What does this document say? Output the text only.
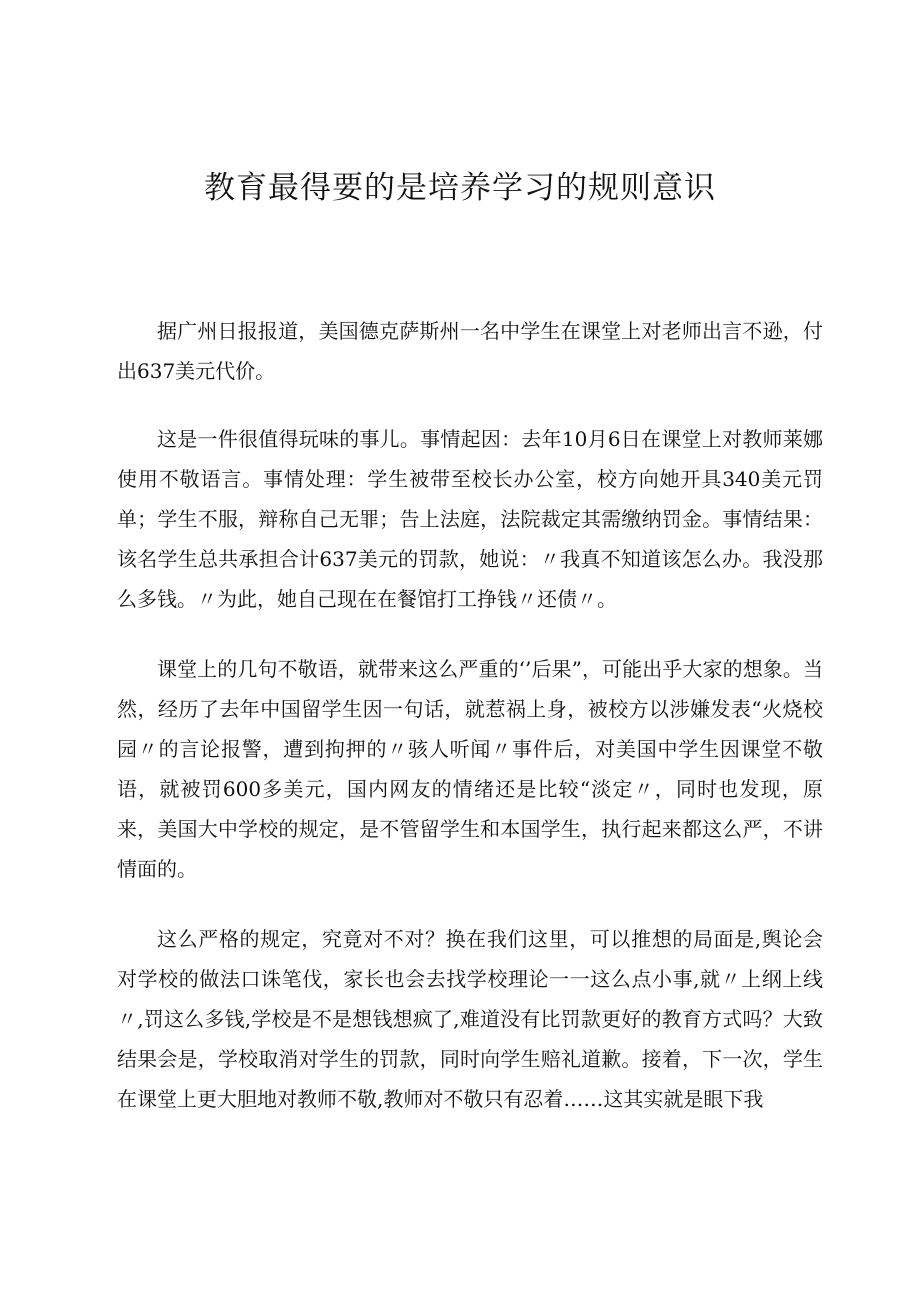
教育最得要的是培养学习的规则意识

据广州日报报道，美国德克萨斯州一名中学生在课堂上对老师出言不逊，付出637美元代价。

这是一件很值得玩味的事儿。事情起因：去年10月6日在课堂上对教师莱娜使用不敬语言。事情处理：学生被带至校长办公室，校方向她开具340美元罚单；学生不服，辩称自己无罪；告上法庭，法院裁定其需缴纳罚金。事情结果：该名学生总共承担合计637美元的罚款，她说：〃我真不知道该怎么办。我没那么多钱。〃为此，她自己现在在餐馆打工挣钱〃还债〃。

课堂上的几句不敬语，就带来这么严重的‘’后果”，可能出乎大家的想象。当然，经历了去年中国留学生因一句话，就惹祸上身，被校方以涉嫌发表“火烧校园〃的言论报警，遭到拘押的〃骇人听闻〃事件后，对美国中学生因课堂不敬语，就被罚600多美元，国内网友的情绪还是比较“淡定〃，同时也发现，原来，美国大中学校的规定，是不管留学生和本国学生，执行起来都这么严，不讲情面的。

这么严格的规定，究竟对不对？换在我们这里，可以推想的局面是,舆论会对学校的做法口诛笔伐，家长也会去找学校理论一一这么点小事,就〃上纲上线〃,罚这么多钱,学校是不是想钱想疯了,难道没有比罚款更好的教育方式吗？大致结果会是，学校取消对学生的罚款，同时向学生赔礼道歉。接着，下一次，学生在课堂上更大胆地对教师不敬,教师对不敬只有忍着……这其实就是眼下我
